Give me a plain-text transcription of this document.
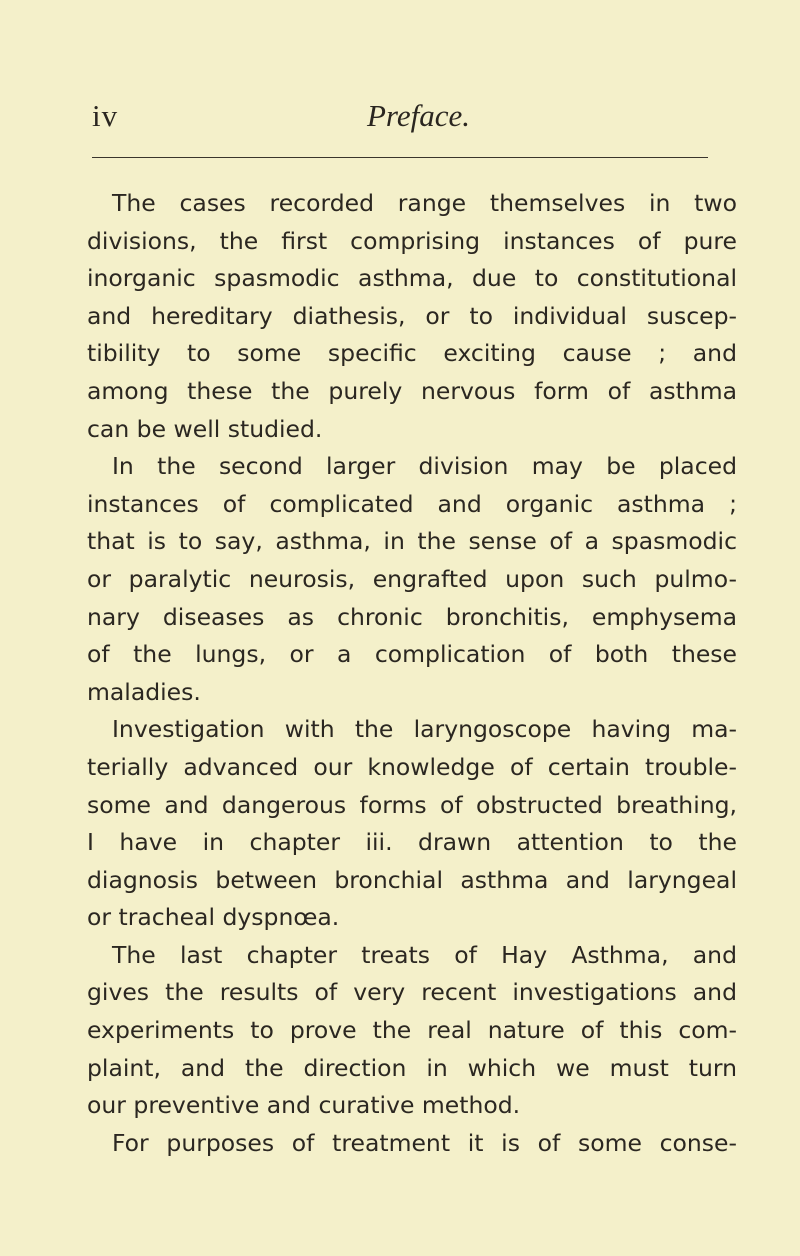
iv	Preface.
The cases recorded range themselves in two
divisions, the first comprising instances of pure
inorganic spasmodic asthma, due to constitutional
and hereditary diathesis, or to individual suscep-
tibility to some specific exciting cause ; and
among these the purely nervous form of asthma
can be well studied.
In the second larger division may be placed
instances of complicated and organic asthma ;
that is to say, asthma, in the sense of a spasmodic
or paralytic neurosis, engrafted upon such pulmo-
nary diseases as chronic bronchitis, emphysema
of the lungs, or a complication of both these
maladies.
Investigation with the laryngoscope having ma-
terially advanced our knowledge of certain trouble-
some and dangerous forms of obstructed breathing,
I have in chapter iii. drawn attention to the
diagnosis between bronchial asthma and laryngeal
or tracheal dyspnœa.
The last chapter treats of Hay Asthma, and
gives the results of very recent investigations and
experiments to prove the real nature of this com-
plaint, and the direction in which we must turn
our preventive and curative method.
For purposes of treatment it is of some conse-
